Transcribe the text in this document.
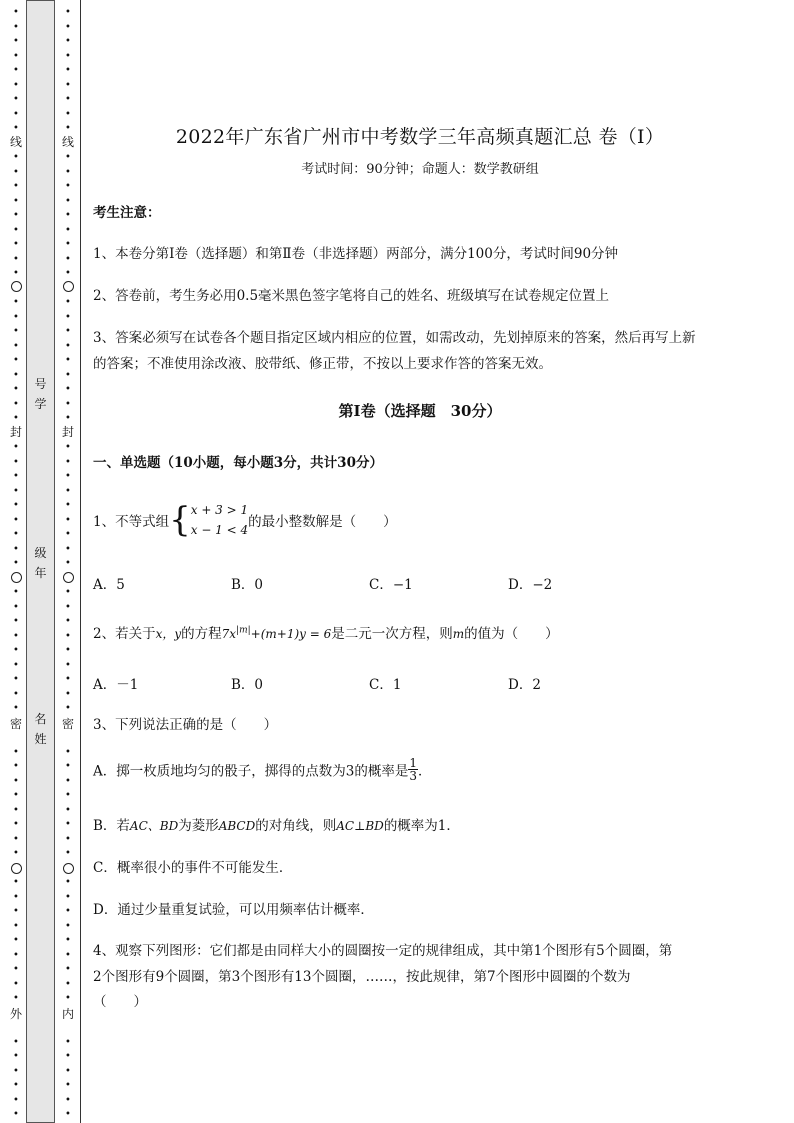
•
•
•
•
•
•
•
•
•
•
•
•
•
•
•
•
•
•
•
•
•
•
•
•
•
•
•
•
•
•
•
•
•
•
•
•
•
•
•
•
•
•
•
•
•
•
•
•
•
•
•
•
•
•
•
•
•
•
•
•
•
•
•
•
•
•
•
•
线
封
密
外
号
学
级
年
名
姓
•
•
•
•
•
•
•
•
•
•
•
•
•
•
•
•
•
•
•
•
•
•
•
•
•
•
•
•
•
•
•
•
•
•
•
•
•
•
•
•
•
•
•
•
•
•
•
•
•
•
•
•
•
•
•
•
•
•
•
•
•
•
•
•
•
•
•
•
线
封
密
内
2022年广东省广州市中考数学三年高频真题汇总 卷（Ⅰ）
考试时间：90分钟；命题人：数学教研组
考生注意：
1、本卷分第Ⅰ卷（选择题）和第Ⅱ卷（非选择题）两部分，满分100分，考试时间90分钟
2、答卷前，考生务必用0.5毫米黑色签字笔将自己的姓名、班级填写在试卷规定位置上
3、答案必须写在试卷各个题目指定区域内相应的位置，如需改动，先划掉原来的答案，然后再写上新
的答案；不准使用涂改液、胶带纸、修正带，不按以上要求作答的答案无效。
第Ⅰ卷（选择题　30分）
一、单选题（10小题，每小题3分，共计30分）
1、不等式组{ x + 3 > 1
x − 1 < 4 的最小整数解是（　　）
A．5	B．0	C．−1	D．−2
2、若关于x，y的方程$7x^{|m|}+(m+1)y = 6$是二元一次方程，则m的值为（　　）
A．－1	B．0	C．1	D．2
3、下列说法正确的是（　　）
A．掷一枚质地均匀的骰子，掷得的点数为3的概率是 $\frac{1}{3}$ ．
B．若AC、BD为菱形ABCD的对角线，则AC⊥BD的概率为1．
C．概率很小的事件不可能发生．
D．通过少量重复试验，可以用频率估计概率．
4、观察下列图形：它们都是由同样大小的圆圈按一定的规律组成，其中第1个图形有5个圆圈，第
2个图形有9个圆圈，第3个图形有13个圆圈，……，按此规律，第7个图形中圆圈的个数为
（　　）
